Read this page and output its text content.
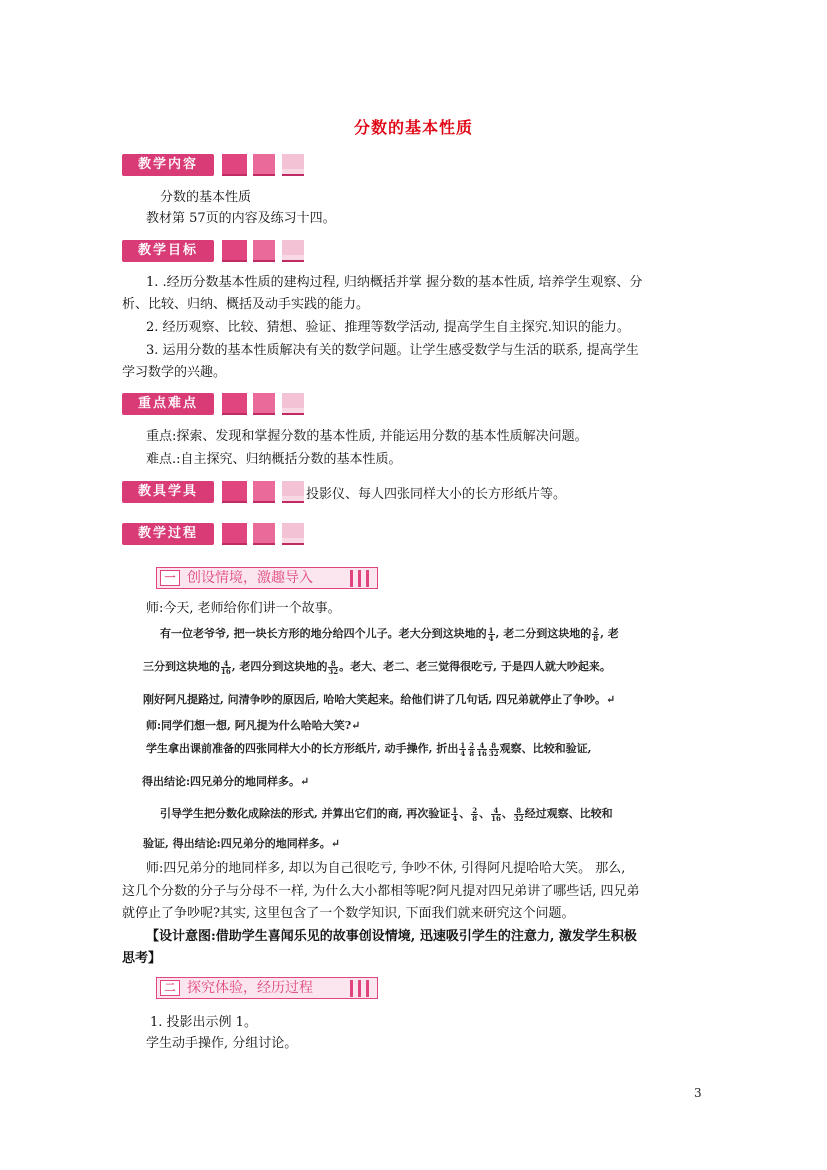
分数的基本性质
教学内容
分数的基本性质
教材第 57页的内容及练习十四。
教学目标
1. .经历分数基本性质的建构过程, 归纳概括并掌 握分数的基本性质, 培养学生观察、分
析、比较、归纳、概括及动手实践的能力。
2. 经历观察、比较、猜想、验证、推理等数学活动, 提高学生自主探究.知识的能力。
3. 运用分数的基本性质解决有关的数学问题。让学生感受数学与生活的联系, 提高学生
学习数学的兴趣。
重点难点
重点:探索、发现和掌握分数的基本性质, 并能运用分数的基本性质解决问题。
难点.:自主探究、归纳概括分数的基本性质。
教具学具	投影仪、每人四张同样大小的长方形纸片等。
教学过程
一 创设情境，激趣导入
师:今天, 老师给你们讲一个故事。
有一位老爷爷, 把一块长方形的地分给四个儿子。老大分到这块地的 $\frac{1}{4}$ , 老二分到这块地的 $\frac{2}{8}$ , 老
三分到这块地的 $\frac{4}{16}$ , 老四分到这块地的 $\frac{8}{32}$ 。老大、老二、老三觉得很吃亏, 于是四人就大吵起来。
刚好阿凡提路过, 问清争吵的原因后, 哈哈大笑起来。给他们讲了几句话, 四兄弟就停止了争吵。↵
师:同学们想一想, 阿凡提为什么哈哈大笑?↵
学生拿出课前准备的四张同样大小的长方形纸片, 动手操作, 折出 $\frac{1}{4} \frac{2}{8} \frac{4}{16} \frac{8}{32}$ 观察、比较和验证,
得出结论:四兄弟分的地同样多。↵
引导学生把分数化成除法的形式, 并算出它们的商, 再次验证 $\frac{1}{4}$ 、 $\frac{2}{8}$ 、 $\frac{4}{16}$ 、 $\frac{8}{32}$ 经过观察、比较和
验证, 得出结论:四兄弟分的地同样多。↵
师:四兄弟分的地同样多, 却以为自己很吃亏, 争吵不休, 引得阿凡提哈哈大笑。 那么,
这几个分数的分子与分母不一样, 为什么大小都相等呢?阿凡提对四兄弟讲了哪些话, 四兄弟
就停止了争吵呢?其实, 这里包含了一个数学知识, 下面我们就来研究这个问题。
【设计意图:借助学生喜闻乐见的故事创设情境, 迅速吸引学生的注意力, 激发学生积极
思考】
二 探究体验，经历过程
1. 投影出示例 1。
学生动手操作, 分组讨论。
3
